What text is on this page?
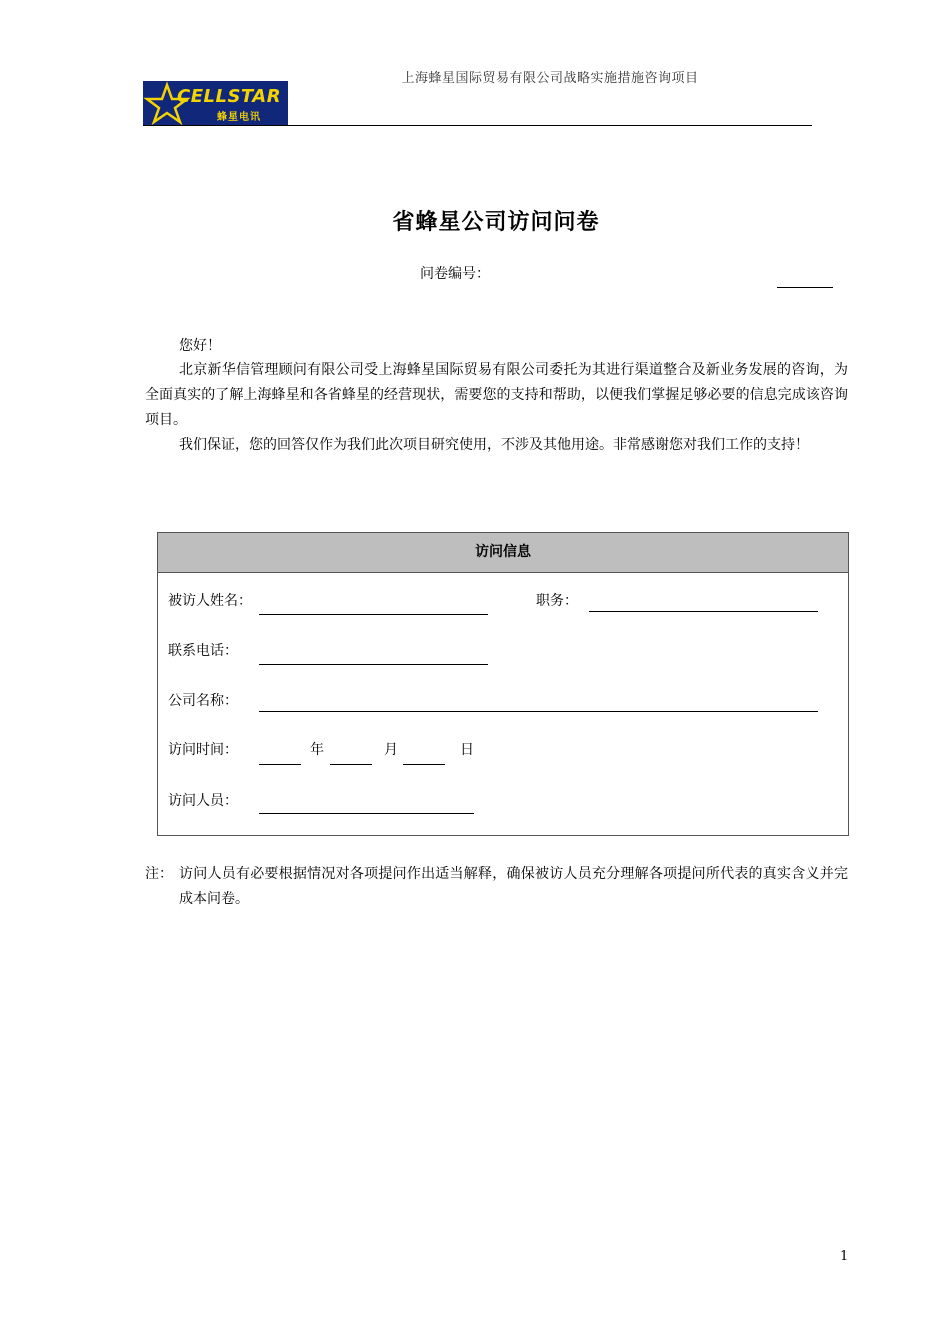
上海蜂星国际贸易有限公司战略实施措施咨询项目
CELLSTAR
蜂星电讯
省蜂星公司访问问卷
问卷编号：
您好！
北京新华信管理顾问有限公司受上海蜂星国际贸易有限公司委托为其进行渠道整合及新业务发展的咨询，为全面真实的了解上海蜂星和各省蜂星的经营现状，需要您的支持和帮助，以便我们掌握足够必要的信息完成该咨询项目。
我们保证，您的回答仅作为我们此次项目研究使用，不涉及其他用途。非常感谢您对我们工作的支持！
访问信息
被访人姓名：	职务：
联系电话：
公司名称：
访问时间：	年	月	日
访问人员：
注： 访问人员有必要根据情况对各项提问作出适当解释，确保被访人员充分理解各项提问所代表的真实含义并完成本问卷。
1
